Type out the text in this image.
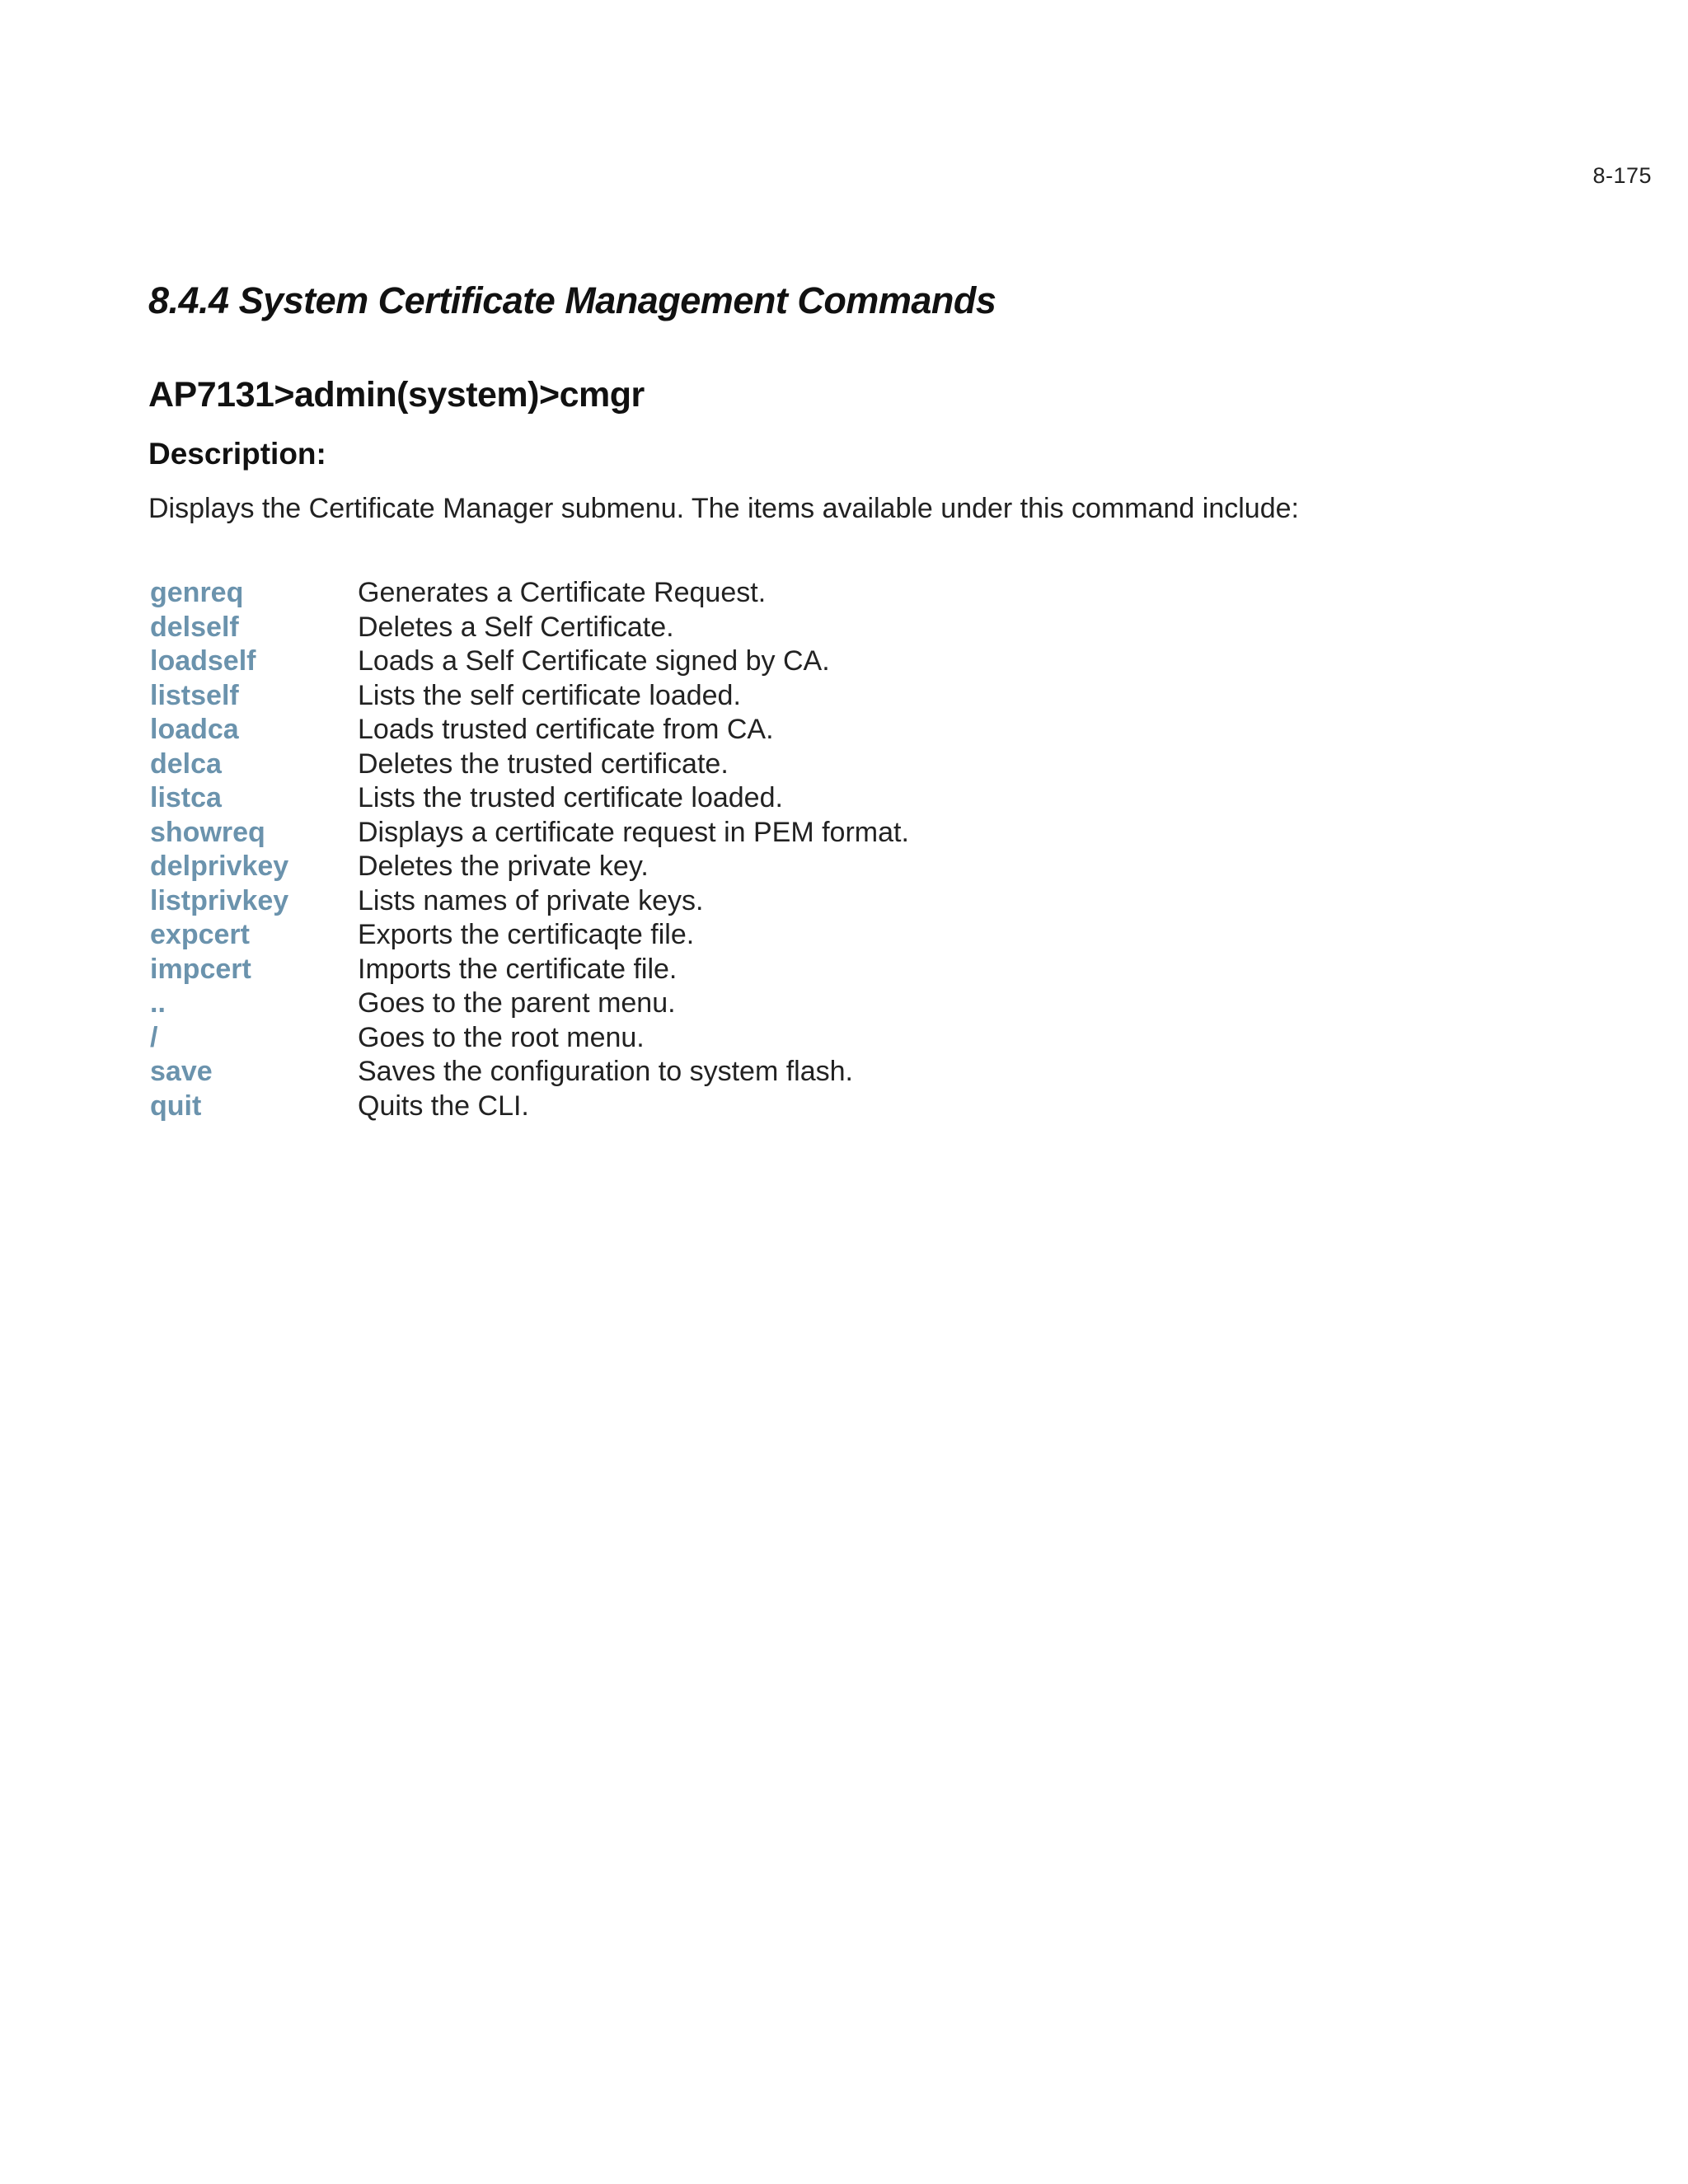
8-175
8.4.4 System Certificate Management Commands
AP7131>admin(system)>cmgr
Description:

Displays the Certificate Manager submenu. The items available under this command include:

genreq	Generates a Certificate Request.
delself	Deletes a Self Certificate.
loadself	Loads a Self Certificate signed by CA.
listself	Lists the self certificate loaded.
loadca	Loads trusted certificate from CA.
delca	Deletes the trusted certificate.
listca	Lists the trusted certificate loaded.
showreq	Displays a certificate request in PEM format.
delprivkey	Deletes the private key.
listprivkey	Lists names of private keys.
expcert	Exports the certificaqte file.
impcert	Imports the certificate file.
..	Goes to the parent menu.
/	Goes to the root menu.
save	Saves the configuration to system flash.
quit	Quits the CLI.
